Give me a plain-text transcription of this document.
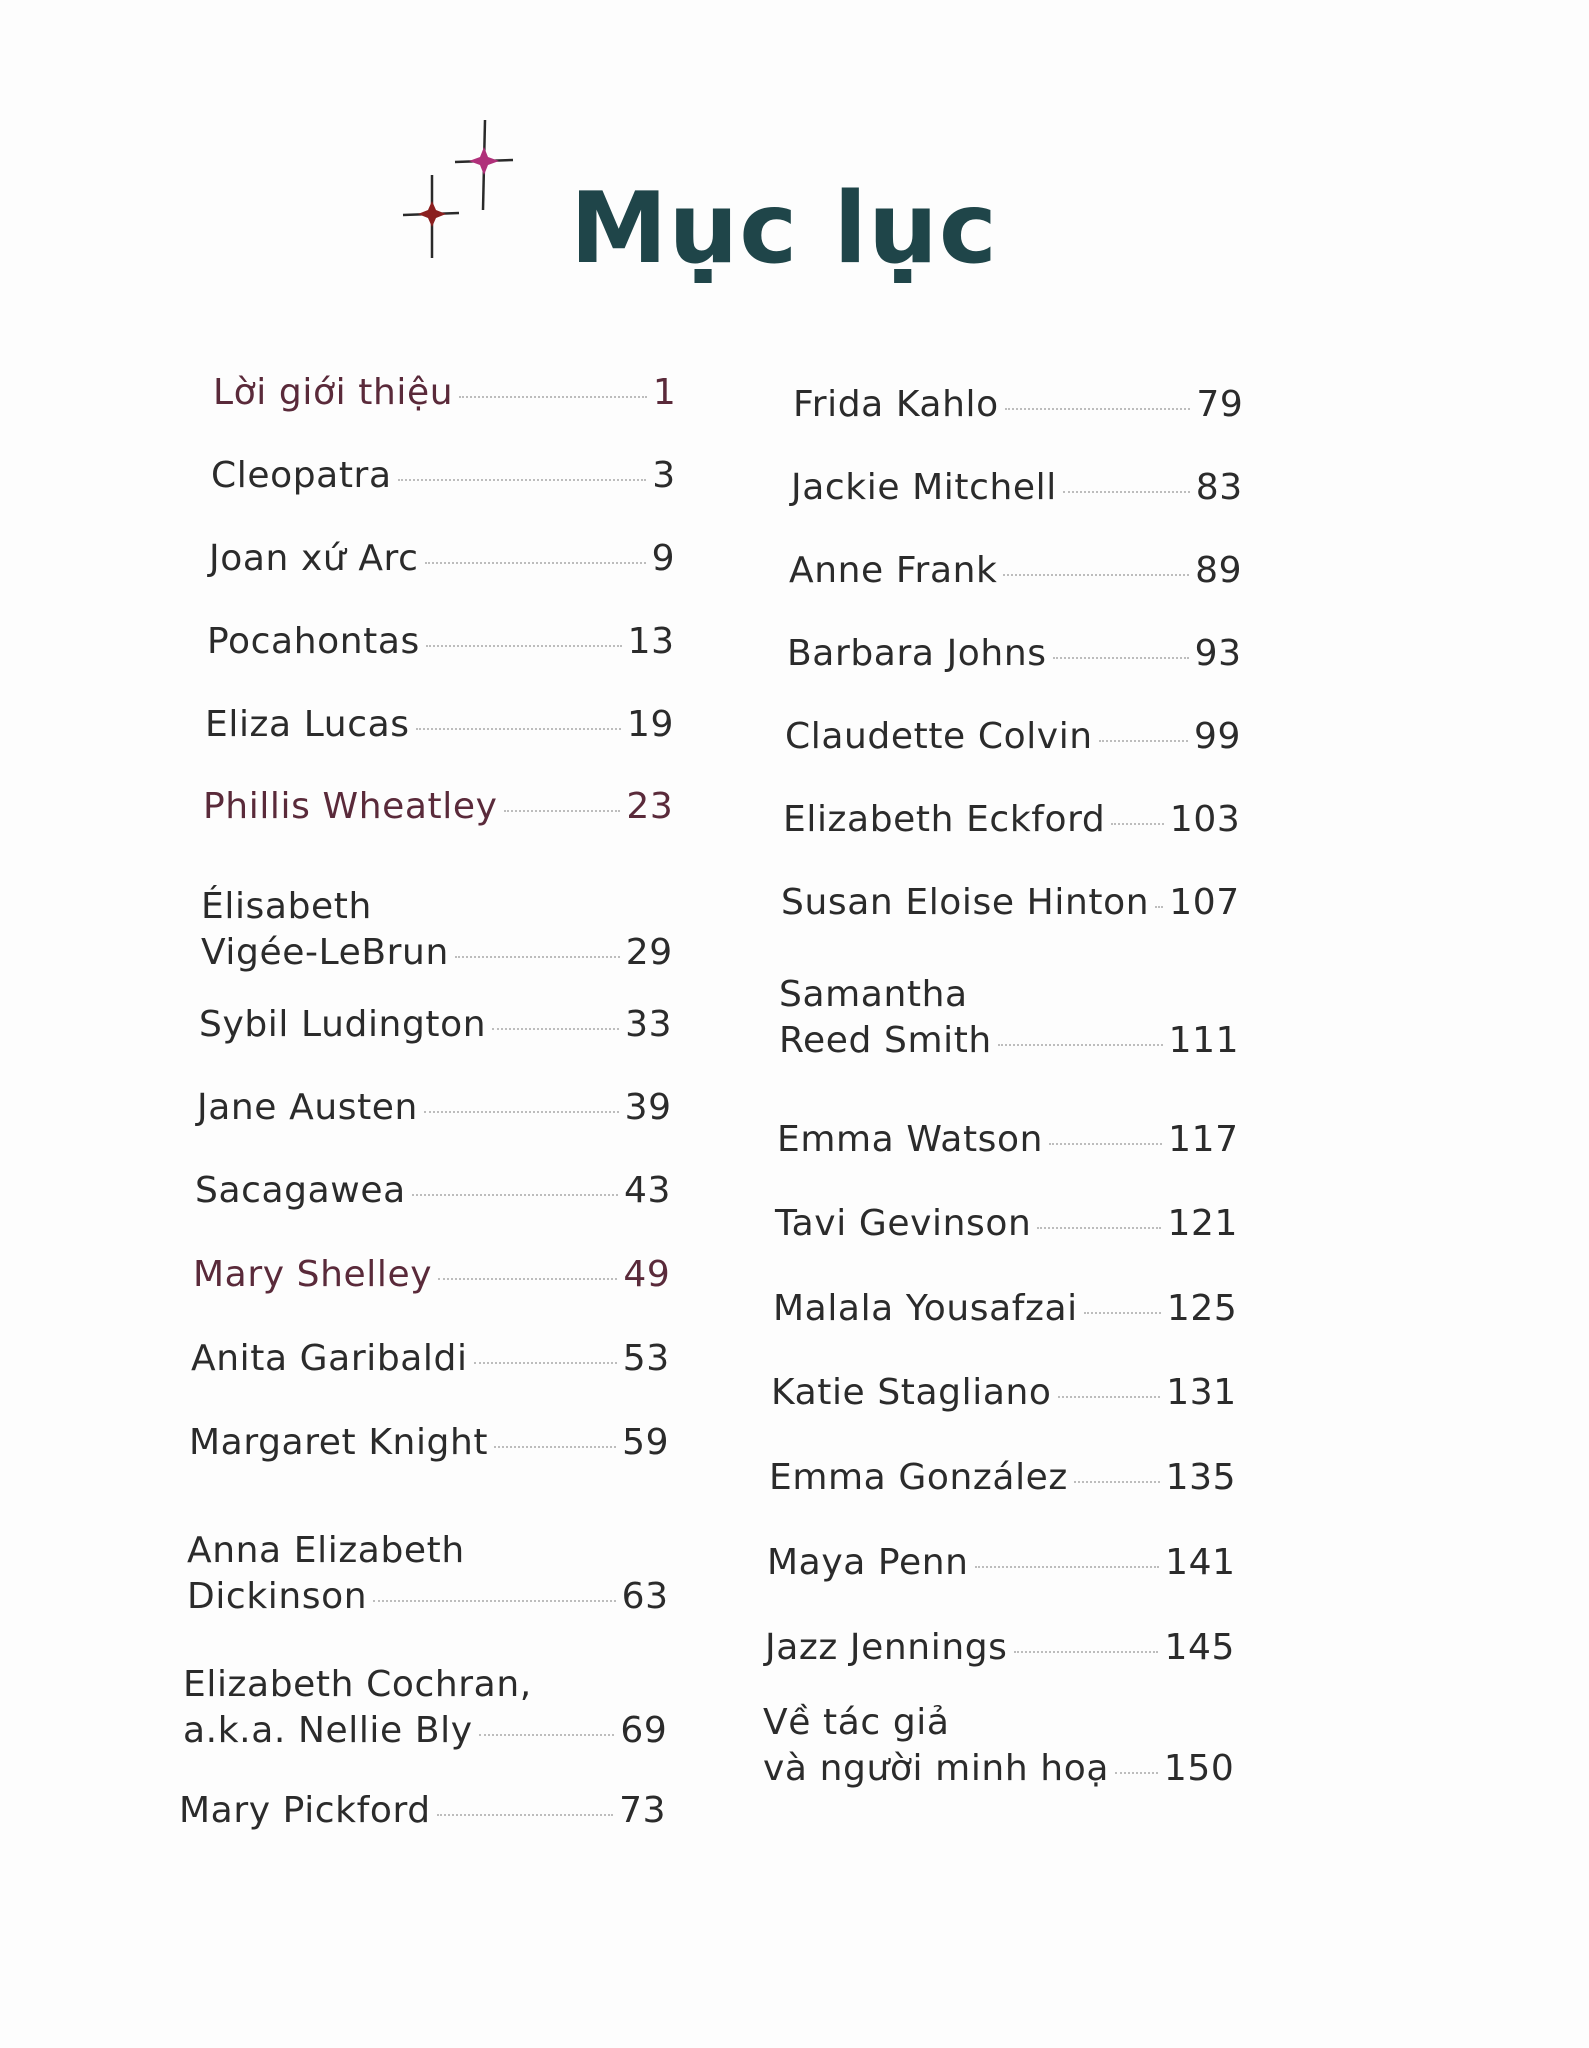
Mục lục
Lời giới thiệu	1
Cleopatra	3
Joan xứ Arc	9
Pocahontas	13
Eliza Lucas	19
Phillis Wheatley	23
Élisabeth
Vigée-LeBrun	29
Sybil Ludington	33
Jane Austen	39
Sacagawea	43
Mary Shelley	49
Anita Garibaldi	53
Margaret Knight	59
Anna Elizabeth
Dickinson	63
Elizabeth Cochran,
a.k.a. Nellie Bly	69
Mary Pickford	73
Frida Kahlo	79
Jackie Mitchell	83
Anne Frank	89
Barbara Johns	93
Claudette Colvin	99
Elizabeth Eckford 103
Susan Eloise Hinton 107
Samantha
Reed Smith	111
Emma Watson	117
Tavi Gevinson	121
Malala Yousafzai 125
Katie Stagliano	131
Emma González	135
Maya Penn	141
Jazz Jennings	145
Về tác giả
và người minh hoạ 150
